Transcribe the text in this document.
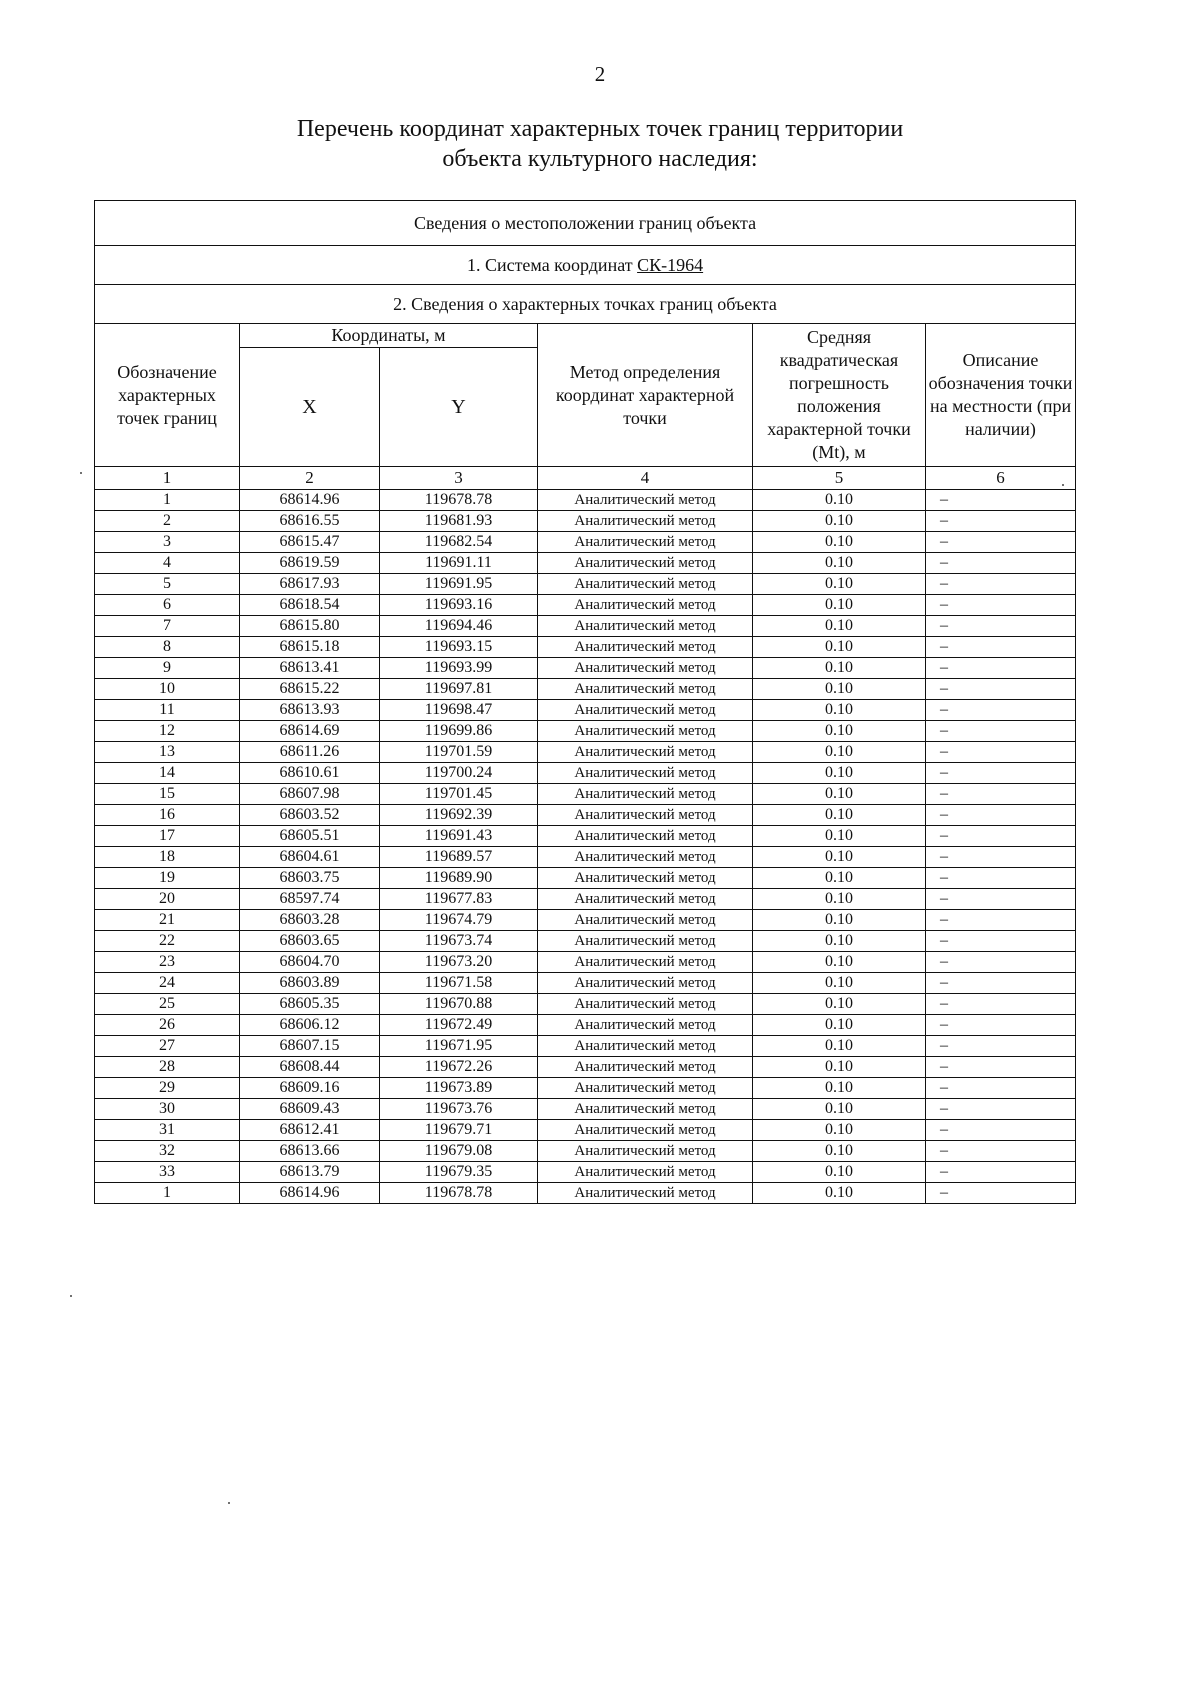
2
Перечень координат характерных точек границ территории
объекта культурного наследия:
Сведения о местоположении границ объекта					
1. Система координат СК-1964					
2. Сведения о характерных точках границ объекта					
Обозначение характерных точек границ	Координаты, м		Метод определения координат характерной точки	Средняя квадратическая погрешность положения характерной точки (Mt), м	Описание обозначения точки на местности (при наличии)
	X	Y			
1	2	3	4	5	6
1	68614.96	119678.78	Аналитический метод	0.10	–
2	68616.55	119681.93	Аналитический метод	0.10	–
3	68615.47	119682.54	Аналитический метод	0.10	–
4	68619.59	119691.11	Аналитический метод	0.10	–
5	68617.93	119691.95	Аналитический метод	0.10	–
6	68618.54	119693.16	Аналитический метод	0.10	–
7	68615.80	119694.46	Аналитический метод	0.10	–
8	68615.18	119693.15	Аналитический метод	0.10	–
9	68613.41	119693.99	Аналитический метод	0.10	–
10	68615.22	119697.81	Аналитический метод	0.10	–
11	68613.93	119698.47	Аналитический метод	0.10	–
12	68614.69	119699.86	Аналитический метод	0.10	–
13	68611.26	119701.59	Аналитический метод	0.10	–
14	68610.61	119700.24	Аналитический метод	0.10	–
15	68607.98	119701.45	Аналитический метод	0.10	–
16	68603.52	119692.39	Аналитический метод	0.10	–
17	68605.51	119691.43	Аналитический метод	0.10	–
18	68604.61	119689.57	Аналитический метод	0.10	–
19	68603.75	119689.90	Аналитический метод	0.10	–
20	68597.74	119677.83	Аналитический метод	0.10	–
21	68603.28	119674.79	Аналитический метод	0.10	–
22	68603.65	119673.74	Аналитический метод	0.10	–
23	68604.70	119673.20	Аналитический метод	0.10	–
24	68603.89	119671.58	Аналитический метод	0.10	–
25	68605.35	119670.88	Аналитический метод	0.10	–
26	68606.12	119672.49	Аналитический метод	0.10	–
27	68607.15	119671.95	Аналитический метод	0.10	–
28	68608.44	119672.26	Аналитический метод	0.10	–
29	68609.16	119673.89	Аналитический метод	0.10	–
30	68609.43	119673.76	Аналитический метод	0.10	–
31	68612.41	119679.71	Аналитический метод	0.10	–
32	68613.66	119679.08	Аналитический метод	0.10	–
33	68613.79	119679.35	Аналитический метод	0.10	–
1	68614.96	119678.78	Аналитический метод	0.10	–
